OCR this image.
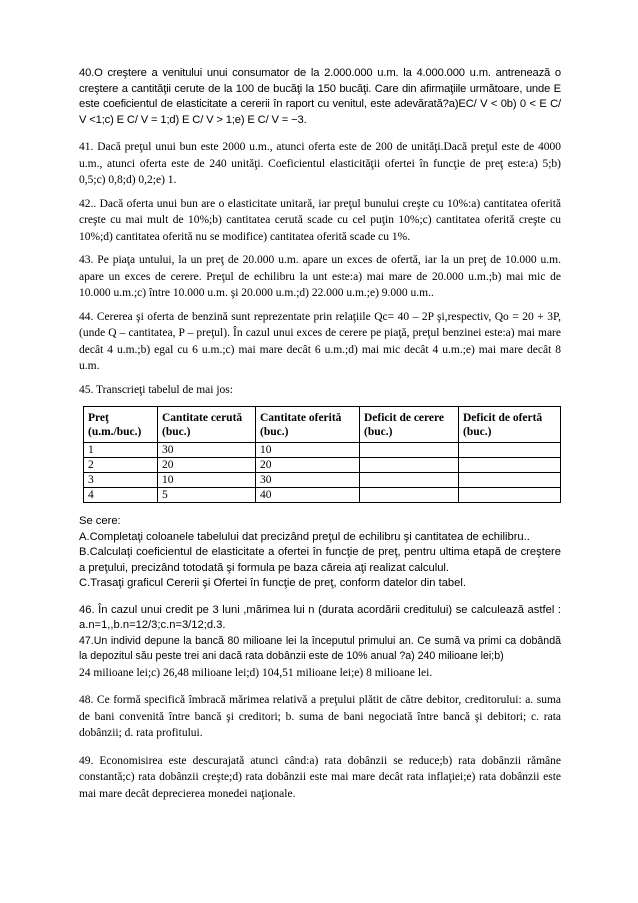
40.O creştere a venitului unui consumator de la 2.000.000 u.m. la 4.000.000 u.m. antrenează o creştere a cantităţii cerute de la 100 de bucăţi la 150 bucăţi. Care din afirmaţiile următoare, unde E este coeficientul de elasticitate a cererii în raport cu venitul, este adevărată?a)EC/ V < 0b) 0 < E C/ V <1;c) E C/ V = 1;d) E C/ V > 1;e) E C/ V = −3.

41. Dacă preţul unui bun este 2000 u.m., atunci oferta este de 200 de unităţi.Dacă preţul este de 4000 u.m., atunci oferta este de 240 unităţi. Coeficientul elasticităţii ofertei în funcţie de preţ este:a) 5;b) 0,5;c) 0,8;d) 0,2;e) 1.

42.. Dacă oferta unui bun are o elasticitate unitară, iar preţul bunului creşte cu 10%:a) cantitatea oferită creşte cu mai mult de 10%;b) cantitatea cerută scade cu cel puţin 10%;c) cantitatea oferită creşte cu 10%;d) cantitatea oferită nu se modifice) cantitatea oferită scade cu 1%.

43. Pe piaţa untului, la un preţ de 20.000 u.m. apare un exces de ofertă, iar la un preţ de 10.000 u.m. apare un exces de cerere. Preţul de echilibru la unt este:a) mai mare de 20.000 u.m.;b) mai mic de 10.000 u.m.;c) între 10.000 u.m. şi 20.000 u.m.;d) 22.000 u.m.;e) 9.000 u.m..

44. Cererea şi oferta de benzină sunt reprezentate prin relaţiile Qc= 40 – 2P şi,respectiv, Qo = 20 + 3P, (unde Q – cantitatea, P – preţul). În cazul unui exces de cerere pe piaţă, preţul benzinei este:a) mai mare decât 4 u.m.;b) egal cu 6 u.m.;c) mai mare decât 6 u.m.;d) mai mic decât 4 u.m.;e) mai mare decât 8 u.m.

45. Transcrieţi tabelul de mai jos:

Preţ (u.m./buc.)	Cantitate cerută (buc.)	Cantitate oferită (buc.)	Deficit de cerere (buc.)	Deficit de ofertă (buc.)
1	30	10		
2	20	20		
3	10	30		
4	5	40		

Se cere:

A.Completaţi coloanele tabelului dat precizând preţul de echilibru şi cantitatea de echilibru..

B.Calculaţi coeficientul de elasticitate a ofertei în funcţie de preţ, pentru ultima etapă de creştere a preţului, precizând totodată şi formula pe baza căreia aţi realizat calculul.

C.Trasaţi graficul Cererii şi Ofertei în funcţie de preţ, conform datelor din tabel.

46. În cazul unui credit pe 3 luni ,mărimea lui n (durata acordării creditului) se calculează astfel : a.n=1,,b.n=12/3;c.n=3/12;d.3.

47.Un individ depune la bancă 80 milioane lei la începutul primului an. Ce sumă va primi ca dobândă la depozitul său peste trei ani dacă rata dobânzii este de 10% anual ?a) 240 milioane lei;b)

24 milioane lei;c) 26,48 milioane lei;d) 104,51 milioane lei;e) 8 milioane lei.

48. Ce formă specifică îmbracă mărimea relativă a preţului plătit de către debitor, creditorului: a. suma de bani convenită între bancă şi creditori; b. suma de bani negociată între bancă şi debitori; c. rata dobânzii; d. rata profitului.

49. Economisirea este descurajată atunci când:a) rata dobânzii se reduce;b) rata dobânzii rămâne constantă;c) rata dobânzii creşte;d) rata dobânzii este mai mare decât rata inflaţiei;e) rata dobânzii este mai mare decât deprecierea monedei naţionale.
